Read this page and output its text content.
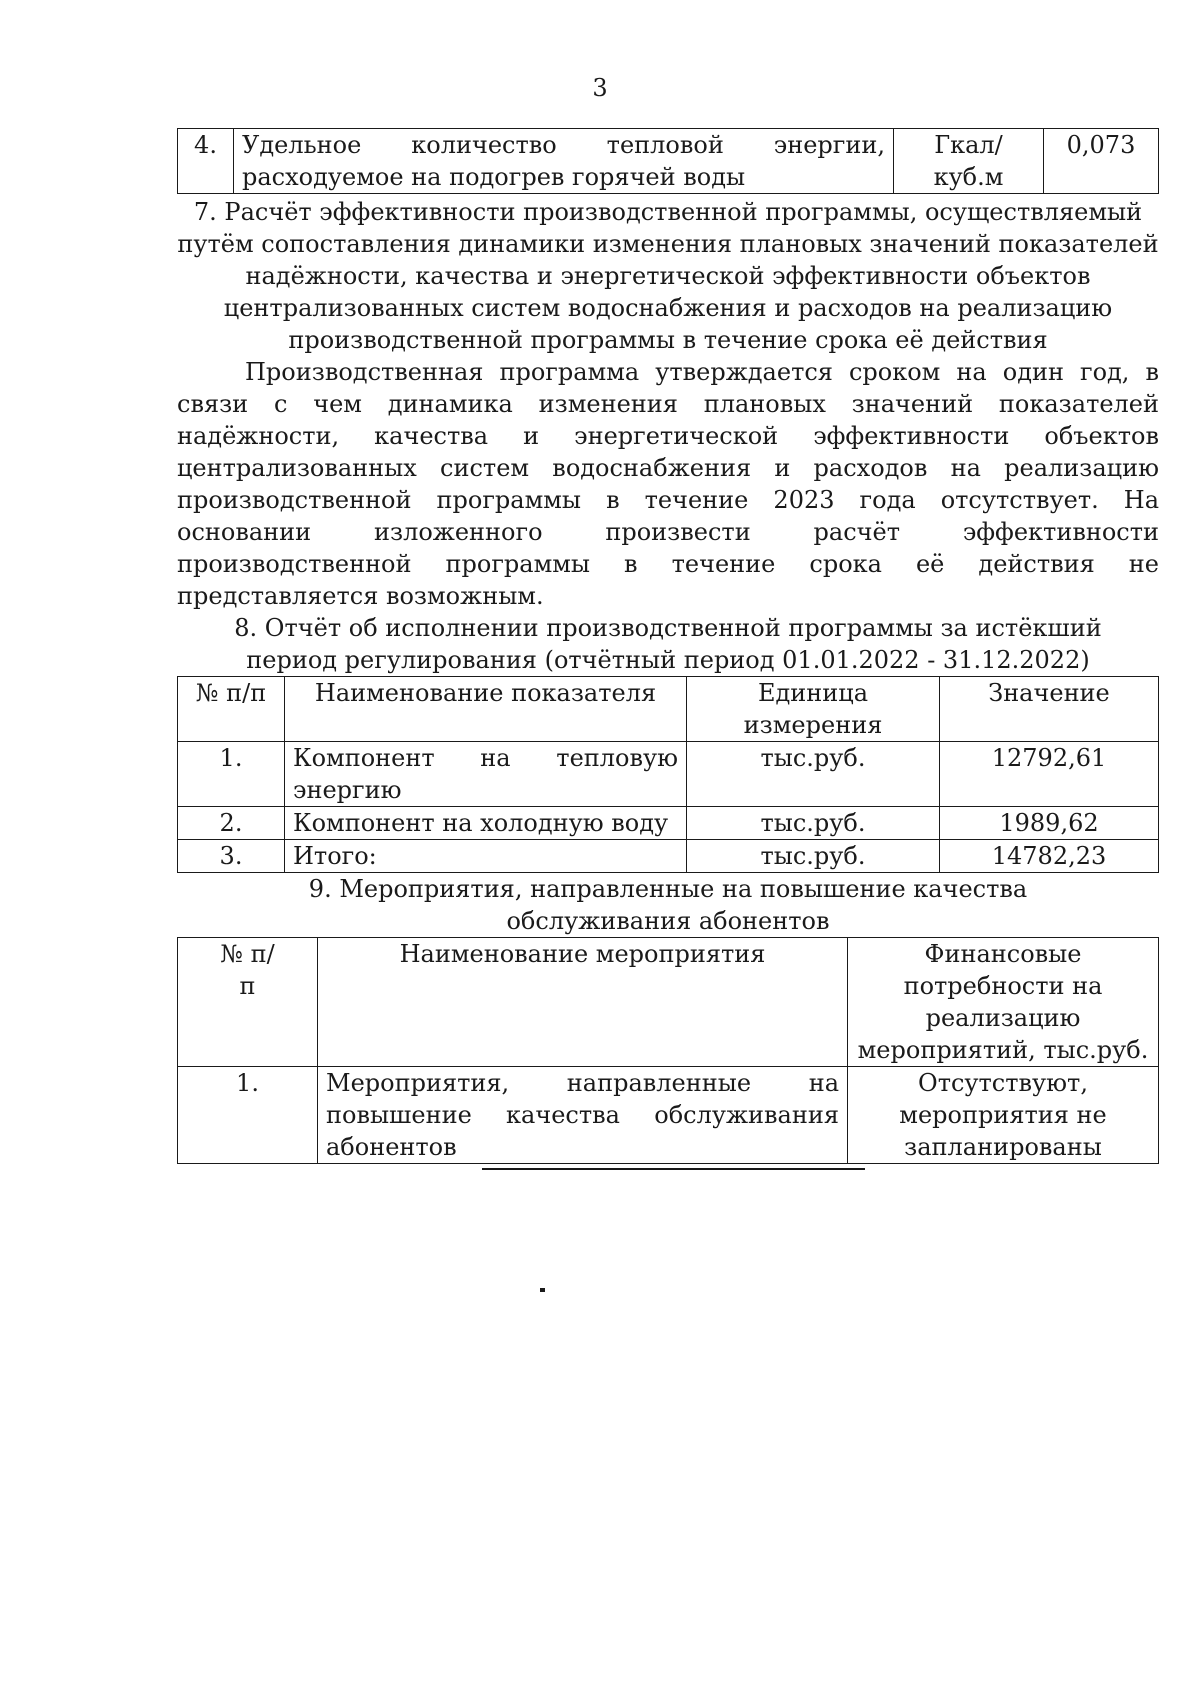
3
4.	Удельное количество тепловой энергии, расходуемое на подогрев горячей воды	Гкал/куб.м	0,073

7. Расчёт эффективности производственной программы, осуществляемый путём сопоставления динамики изменения плановых значений показателей надёжности, качества и энергетической эффективности объектов централизованных систем водоснабжения и расходов на реализацию производственной программы в течение срока её действия

Производственная программа утверждается сроком на один год, в связи с чем динамика изменения плановых значений показателей надёжности, качества и энергетической эффективности объектов централизованных систем водоснабжения и расходов на реализацию производственной программы в течение 2023 года отсутствует. На основании изложенного произвести расчёт эффективности производственной программы в течение срока её действия не представляется возможным.

8. Отчёт об исполнении производственной программы за истёкший период регулирования (отчётный период 01.01.2022 - 31.12.2022)

№ п/п	Наименование показателя	Единица измерения	Значение
1.	Компонент на тепловую энергию	тыс.руб.	12792,61
2.	Компонент на холодную воду	тыс.руб.	1989,62
3.	Итого:	тыс.руб.	14782,23

9. Мероприятия, направленные на повышение качества обслуживания абонентов

№ п/п	Наименование мероприятия	Финансовые потребности на реализацию мероприятий, тыс.руб.
1.	Мероприятия, направленные на повышение качества обслуживания абонентов	Отсутствуют, мероприятия не запланированы
